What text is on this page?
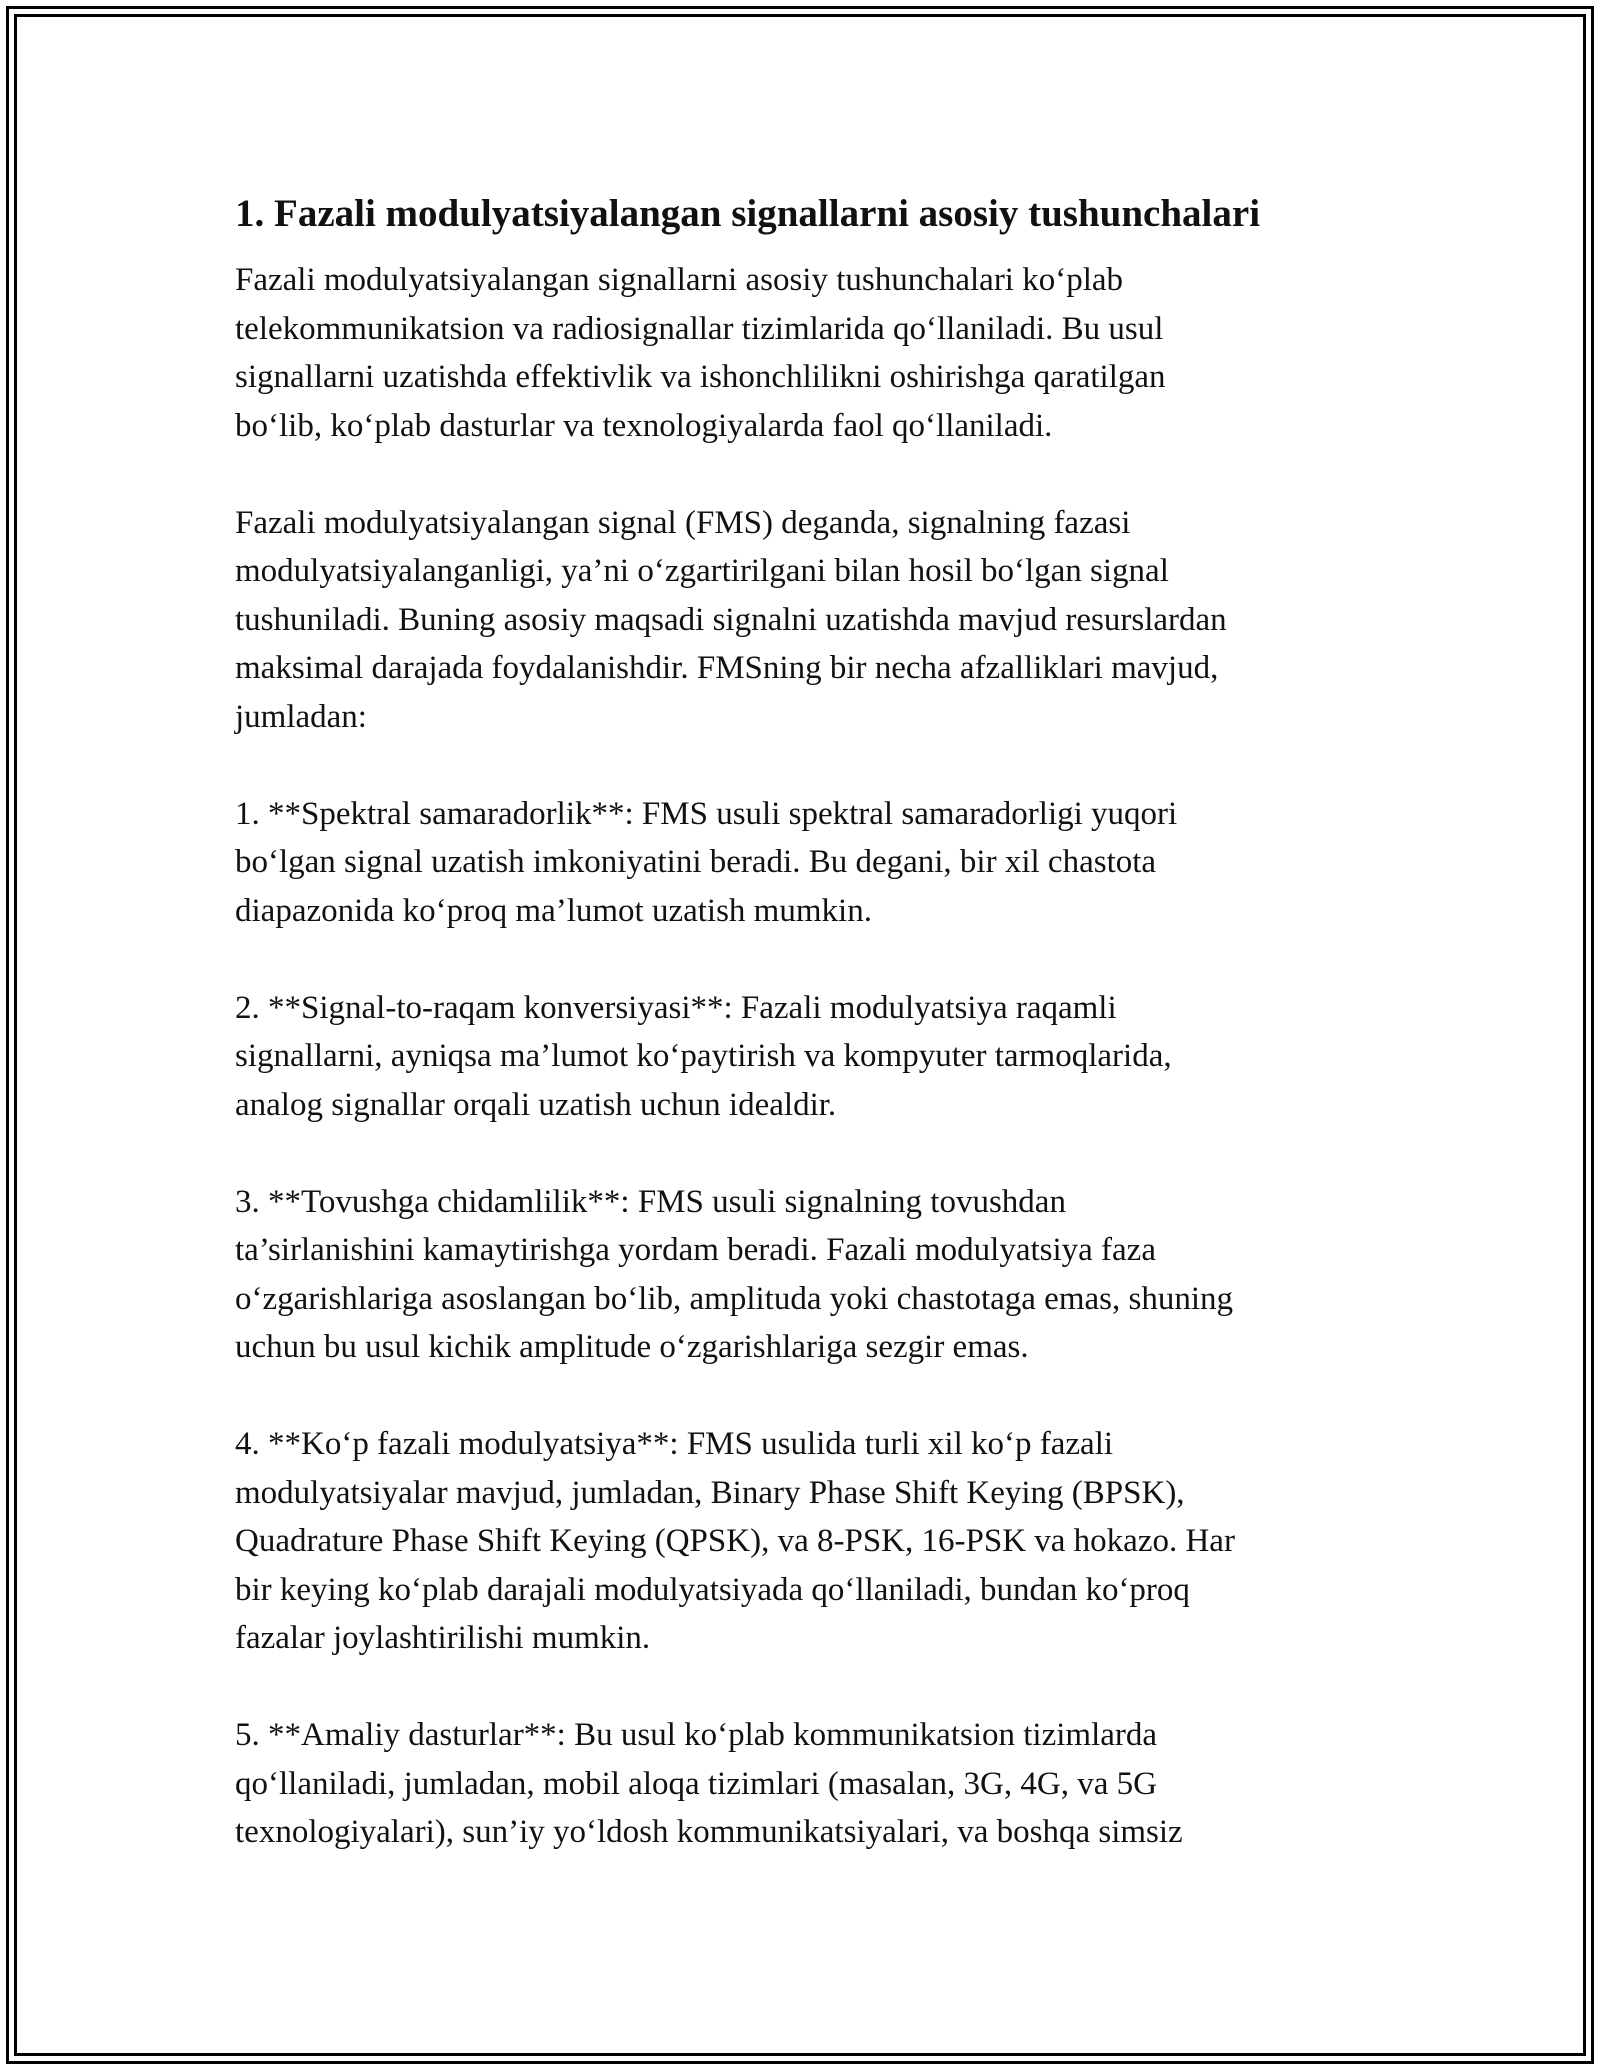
1. Fazali modulyatsiyalangan signallarni asosiy tushunchalari
Fazali modulyatsiyalangan signallarni asosiy tushunchalari ko‘plab
telekommunikatsion va radiosignallar tizimlarida qo‘llaniladi. Bu usul
signallarni uzatishda effektivlik va ishonchlilikni oshirishga qaratilgan
bo‘lib, ko‘plab dasturlar va texnologiyalarda faol qo‘llaniladi.
Fazali modulyatsiyalangan signal (FMS) deganda, signalning fazasi
modulyatsiyalanganligi, ya’ni o‘zgartirilgani bilan hosil bo‘lgan signal
tushuniladi. Buning asosiy maqsadi signalni uzatishda mavjud resurslardan
maksimal darajada foydalanishdir. FMSning bir necha afzalliklari mavjud,
jumladan:
1. **Spektral samaradorlik**: FMS usuli spektral samaradorligi yuqori
bo‘lgan signal uzatish imkoniyatini beradi. Bu degani, bir xil chastota
diapazonida ko‘proq ma’lumot uzatish mumkin.
2. **Signal-to-raqam konversiyasi**: Fazali modulyatsiya raqamli
signallarni, ayniqsa ma’lumot ko‘paytirish va kompyuter tarmoqlarida,
analog signallar orqali uzatish uchun idealdir.
3. **Tovushga chidamlilik**: FMS usuli signalning tovushdan
ta’sirlanishini kamaytirishga yordam beradi. Fazali modulyatsiya faza
o‘zgarishlariga asoslangan bo‘lib, amplituda yoki chastotaga emas, shuning
uchun bu usul kichik amplitude o‘zgarishlariga sezgir emas.
4. **Ko‘p fazali modulyatsiya**: FMS usulida turli xil ko‘p fazali
modulyatsiyalar mavjud, jumladan, Binary Phase Shift Keying (BPSK),
Quadrature Phase Shift Keying (QPSK), va 8-PSK, 16-PSK va hokazo. Har
bir keying ko‘plab darajali modulyatsiyada qo‘llaniladi, bundan ko‘proq
fazalar joylashtirilishi mumkin.
5. **Amaliy dasturlar**: Bu usul ko‘plab kommunikatsion tizimlarda
qo‘llaniladi, jumladan, mobil aloqa tizimlari (masalan, 3G, 4G, va 5G
texnologiyalari), sun’iy yo‘ldosh kommunikatsiyalari, va boshqa simsiz
